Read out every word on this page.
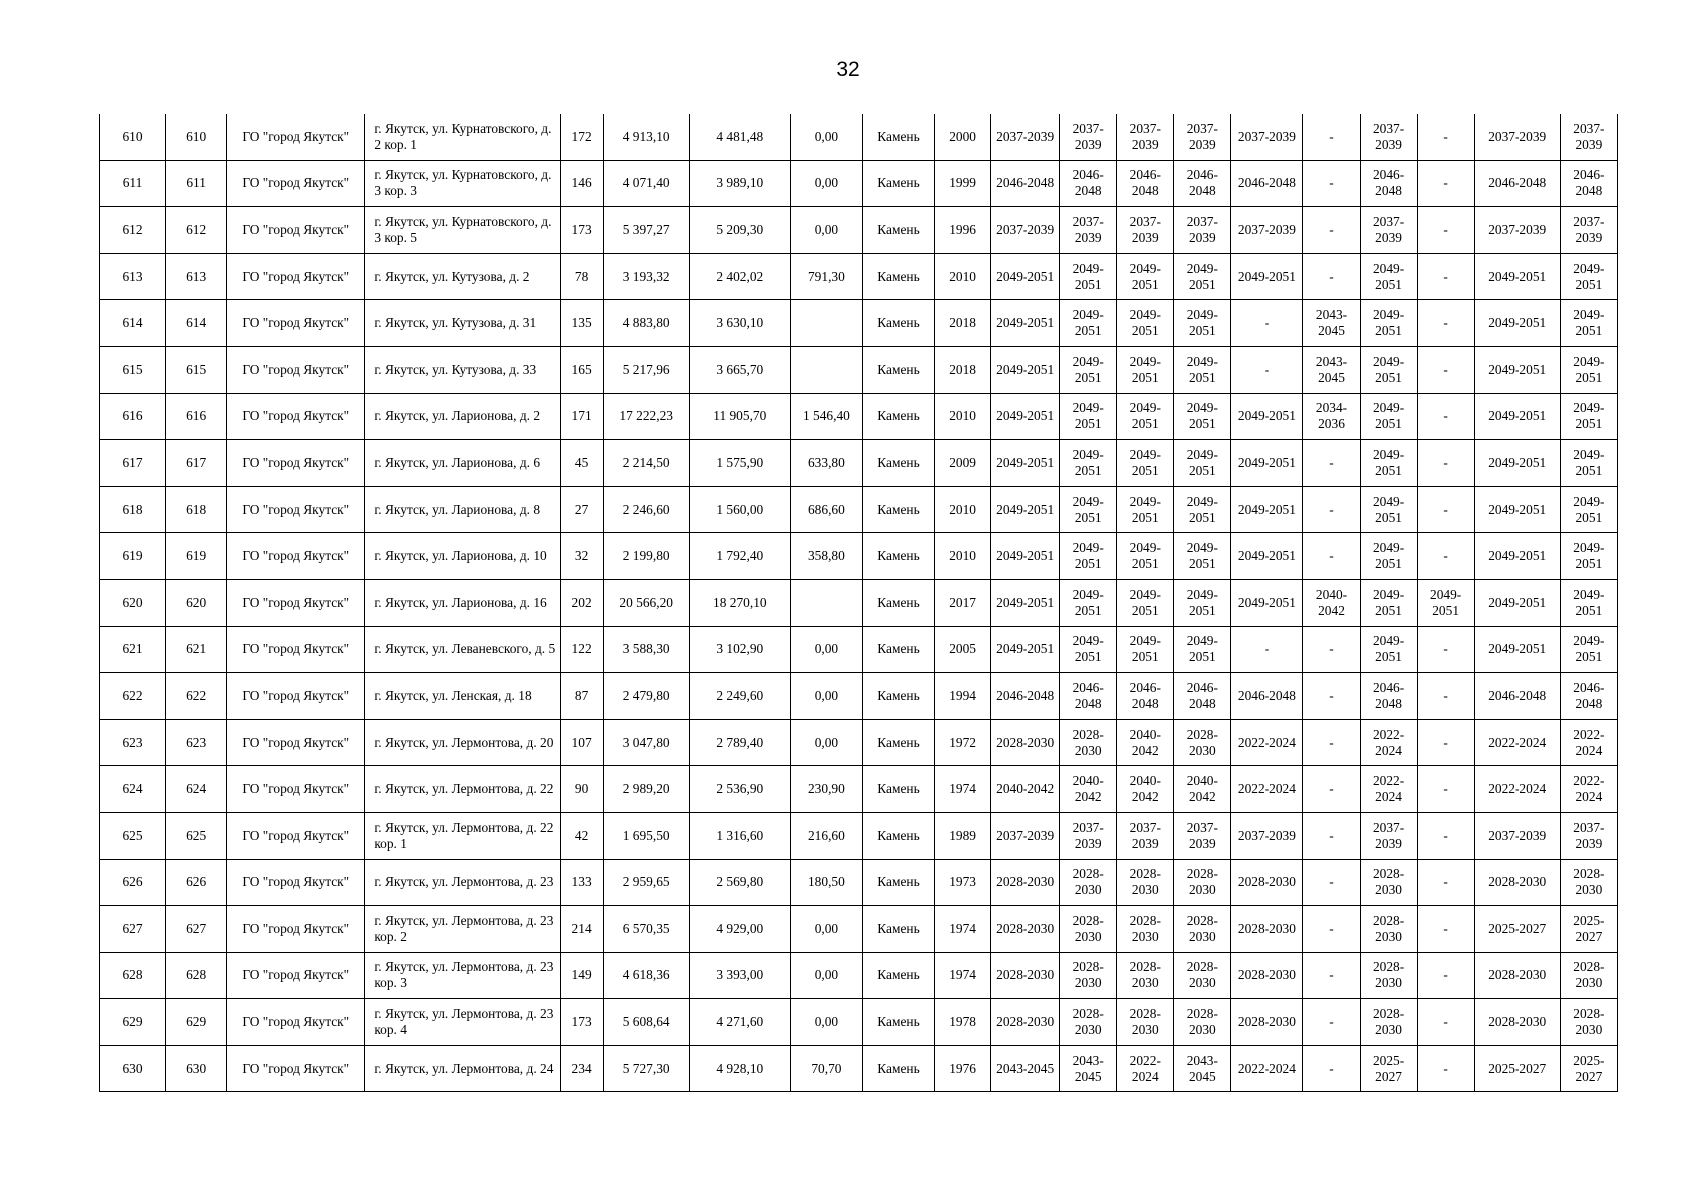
32
610	610	ГО "город Якутск"	г. Якутск, ул. Курнатовского, д. 2 кор. 1	172	4 913,10	4 481,48	0,00	Камень	2000	2037-2039	2037-2039	2037-2039	2037-2039	2037-2039	-	2037-2039	-	2037-2039	2037-2039
611	611	ГО "город Якутск"	г. Якутск, ул. Курнатовского, д. 3 кор. 3	146	4 071,40	3 989,10	0,00	Камень	1999	2046-2048	2046-2048	2046-2048	2046-2048	2046-2048	-	2046-2048	-	2046-2048	2046-2048
612	612	ГО "город Якутск"	г. Якутск, ул. Курнатовского, д. 3 кор. 5	173	5 397,27	5 209,30	0,00	Камень	1996	2037-2039	2037-2039	2037-2039	2037-2039	2037-2039	-	2037-2039	-	2037-2039	2037-2039
613	613	ГО "город Якутск"	г. Якутск, ул. Кутузова, д. 2	78	3 193,32	2 402,02	791,30	Камень	2010	2049-2051	2049-2051	2049-2051	2049-2051	2049-2051	-	2049-2051	-	2049-2051	2049-2051
614	614	ГО "город Якутск"	г. Якутск, ул. Кутузова, д. 31	135	4 883,80	3 630,10		Камень	2018	2049-2051	2049-2051	2049-2051	2049-2051	-	2043-2045	2049-2051	-	2049-2051	2049-2051
615	615	ГО "город Якутск"	г. Якутск, ул. Кутузова, д. 33	165	5 217,96	3 665,70		Камень	2018	2049-2051	2049-2051	2049-2051	2049-2051	-	2043-2045	2049-2051	-	2049-2051	2049-2051
616	616	ГО "город Якутск"	г. Якутск, ул. Ларионова, д. 2	171	17 222,23	11 905,70	1 546,40	Камень	2010	2049-2051	2049-2051	2049-2051	2049-2051	2049-2051	2034-2036	2049-2051	-	2049-2051	2049-2051
617	617	ГО "город Якутск"	г. Якутск, ул. Ларионова, д. 6	45	2 214,50	1 575,90	633,80	Камень	2009	2049-2051	2049-2051	2049-2051	2049-2051	2049-2051	-	2049-2051	-	2049-2051	2049-2051
618	618	ГО "город Якутск"	г. Якутск, ул. Ларионова, д. 8	27	2 246,60	1 560,00	686,60	Камень	2010	2049-2051	2049-2051	2049-2051	2049-2051	2049-2051	-	2049-2051	-	2049-2051	2049-2051
619	619	ГО "город Якутск"	г. Якутск, ул. Ларионова, д. 10	32	2 199,80	1 792,40	358,80	Камень	2010	2049-2051	2049-2051	2049-2051	2049-2051	2049-2051	-	2049-2051	-	2049-2051	2049-2051
620	620	ГО "город Якутск"	г. Якутск, ул. Ларионова, д. 16	202	20 566,20	18 270,10		Камень	2017	2049-2051	2049-2051	2049-2051	2049-2051	2049-2051	2040-2042	2049-2051	2049-2051	2049-2051	2049-2051
621	621	ГО "город Якутск"	г. Якутск, ул. Леваневского, д. 5	122	3 588,30	3 102,90	0,00	Камень	2005	2049-2051	2049-2051	2049-2051	2049-2051	-	-	2049-2051	-	2049-2051	2049-2051
622	622	ГО "город Якутск"	г. Якутск, ул. Ленская, д. 18	87	2 479,80	2 249,60	0,00	Камень	1994	2046-2048	2046-2048	2046-2048	2046-2048	2046-2048	-	2046-2048	-	2046-2048	2046-2048
623	623	ГО "город Якутск"	г. Якутск, ул. Лермонтова, д. 20	107	3 047,80	2 789,40	0,00	Камень	1972	2028-2030	2028-2030	2040-2042	2028-2030	2022-2024	-	2022-2024	-	2022-2024	2022-2024
624	624	ГО "город Якутск"	г. Якутск, ул. Лермонтова, д. 22	90	2 989,20	2 536,90	230,90	Камень	1974	2040-2042	2040-2042	2040-2042	2040-2042	2022-2024	-	2022-2024	-	2022-2024	2022-2024
625	625	ГО "город Якутск"	г. Якутск, ул. Лермонтова, д. 22 кор. 1	42	1 695,50	1 316,60	216,60	Камень	1989	2037-2039	2037-2039	2037-2039	2037-2039	2037-2039	-	2037-2039	-	2037-2039	2037-2039
626	626	ГО "город Якутск"	г. Якутск, ул. Лермонтова, д. 23	133	2 959,65	2 569,80	180,50	Камень	1973	2028-2030	2028-2030	2028-2030	2028-2030	2028-2030	-	2028-2030	-	2028-2030	2028-2030
627	627	ГО "город Якутск"	г. Якутск, ул. Лермонтова, д. 23 кор. 2	214	6 570,35	4 929,00	0,00	Камень	1974	2028-2030	2028-2030	2028-2030	2028-2030	2028-2030	-	2028-2030	-	2025-2027	2025-2027
628	628	ГО "город Якутск"	г. Якутск, ул. Лермонтова, д. 23 кор. 3	149	4 618,36	3 393,00	0,00	Камень	1974	2028-2030	2028-2030	2028-2030	2028-2030	2028-2030	-	2028-2030	-	2028-2030	2028-2030
629	629	ГО "город Якутск"	г. Якутск, ул. Лермонтова, д. 23 кор. 4	173	5 608,64	4 271,60	0,00	Камень	1978	2028-2030	2028-2030	2028-2030	2028-2030	2028-2030	-	2028-2030	-	2028-2030	2028-2030
630	630	ГО "город Якутск"	г. Якутск, ул. Лермонтова, д. 24	234	5 727,30	4 928,10	70,70	Камень	1976	2043-2045	2043-2045	2022-2024	2043-2045	2022-2024	-	2025-2027	-	2025-2027	2025-2027
